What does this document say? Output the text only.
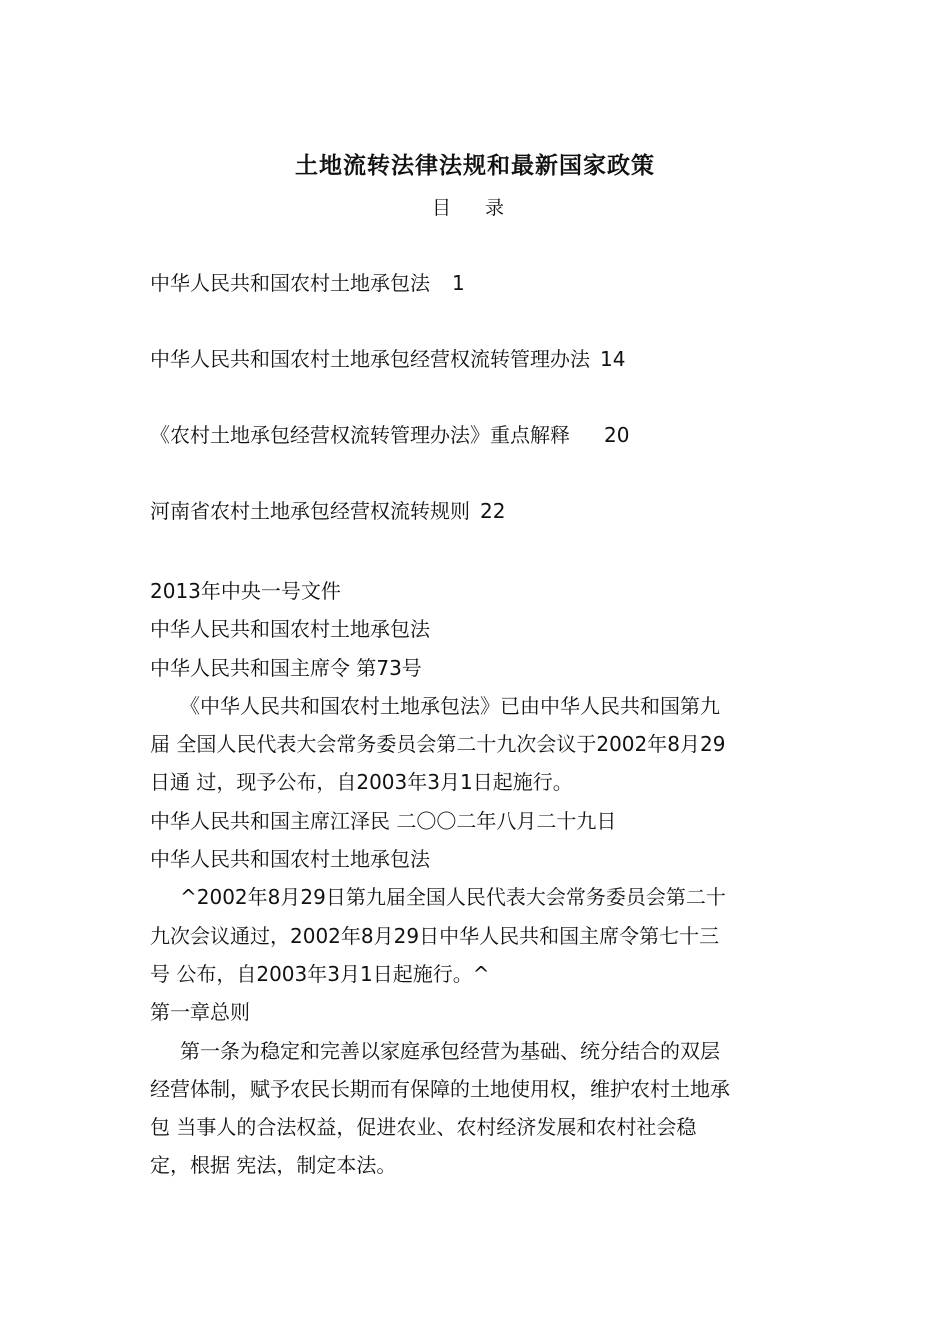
土地流转法律法规和最新国家政策
目 录
中华人民共和国农村土地承包法 1
中华人民共和国农村土地承包经营权流转管理办法 14
《农村土地承包经营权流转管理办法》重点解释 20
河南省农村土地承包经营权流转规则 22
2013年中央一号文件
中华人民共和国农村土地承包法
中华人民共和国主席令 第73号
《中华人民共和国农村土地承包法》已由中华人民共和国第九
届 全国人民代表大会常务委员会第二十九次会议于2002年8月29
日通 过，现予公布，自2003年3月1日起施行。
中华人民共和国主席江泽民 二〇〇二年八月二十九日
中华人民共和国农村土地承包法
^2002年8月29日第九届全国人民代表大会常务委员会第二十
九次会议通过，2002年8月29日中华人民共和国主席令第七十三
号 公布，自2003年3月1日起施行。^
第一章总则
第一条为稳定和完善以家庭承包经营为基础、统分结合的双层
经营体制，赋予农民长期而有保障的土地使用权，维护农村土地承
包 当事人的合法权益，促进农业、农村经济发展和农村社会稳
定，根据 宪法，制定本法。
